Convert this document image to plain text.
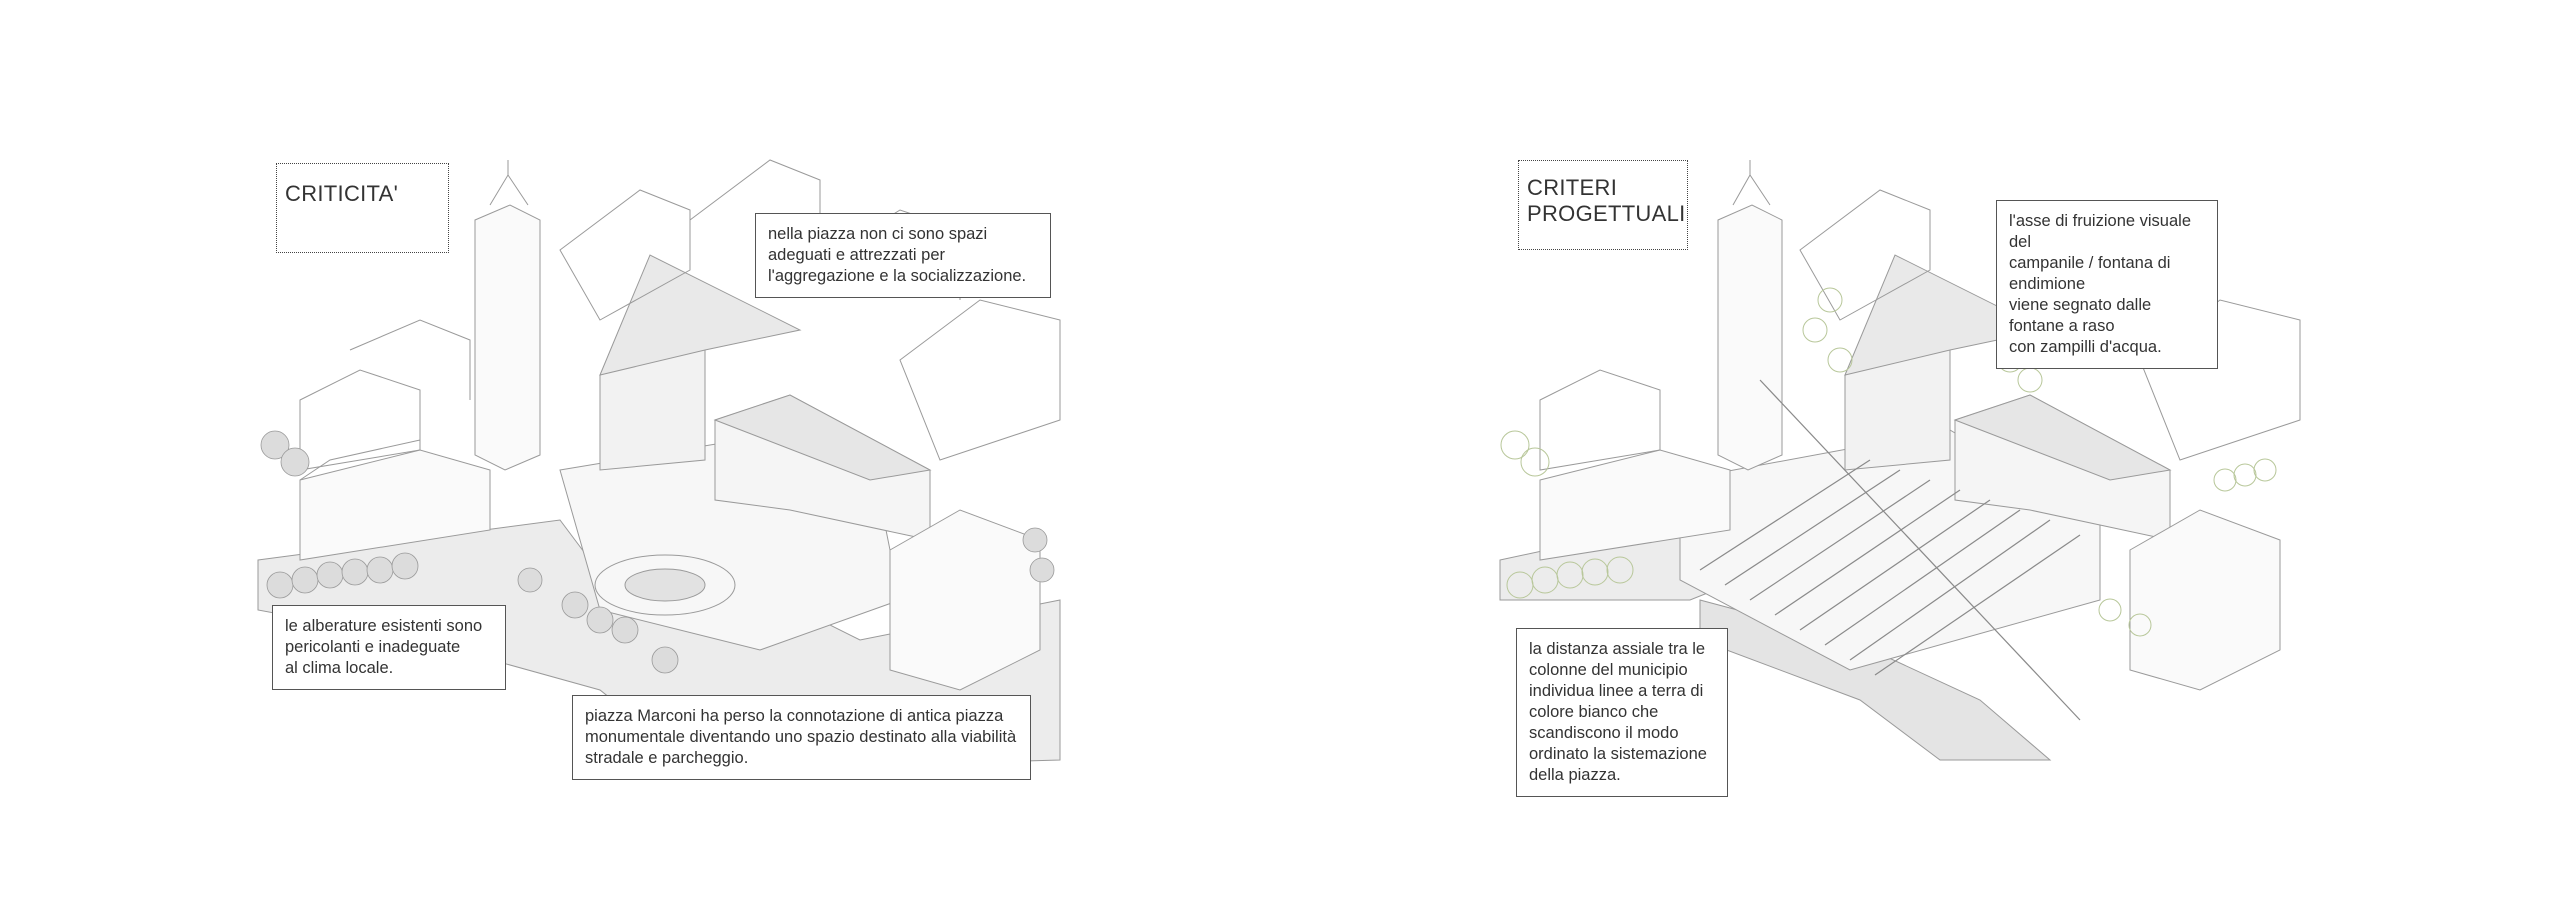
CRITICITA'
nella piazza non ci sono spazi
adeguati e attrezzati per
l'aggregazione e la socializzazione.
le alberature esistenti sono
pericolanti e inadeguate
al clima locale.
piazza Marconi ha perso la connotazione di antica piazza
monumentale diventando uno spazio destinato alla viabilità
stradale e parcheggio.
CRITERI
PROGETTUALI	l'asse di fruizione visuale del
campanile / fontana di endimione
viene segnato dalle fontane a raso
con zampilli d'acqua.
la distanza assiale tra le
colonne del municipio
individua linee a terra di
colore bianco che
scandiscono il modo
ordinato la sistemazione
della piazza.
